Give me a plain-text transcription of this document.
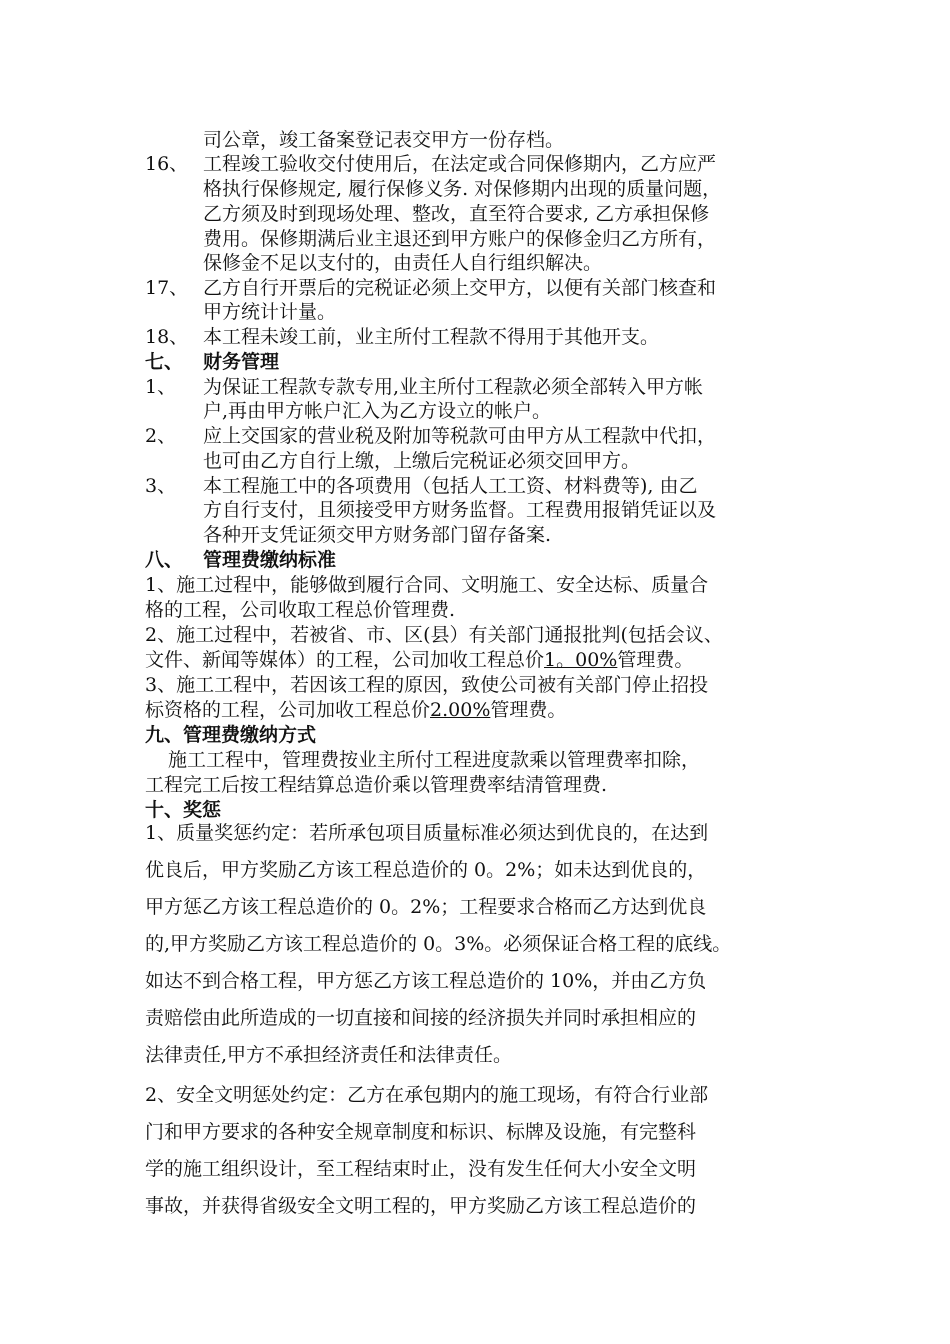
司公章，竣工备案登记表交甲方一份存档。
16、 工程竣工验收交付使用后，在法定或合同保修期内，乙方应严
格执行保修规定, 履行保修义务. 对保修期内出现的质量问题，
乙方须及时到现场处理、整改，直至符合要求, 乙方承担保修
费用。保修期满后业主退还到甲方账户的保修金归乙方所有，
保修金不足以支付的，由责任人自行组织解决。
17、 乙方自行开票后的完税证必须上交甲方，以便有关部门核查和
甲方统计计量。
18、 本工程未竣工前，业主所付工程款不得用于其他开支。
七、 财务管理
1、 为保证工程款专款专用,业主所付工程款必须全部转入甲方帐
户,再由甲方帐户汇入为乙方设立的帐户。
2、 应上交国家的营业税及附加等税款可由甲方从工程款中代扣，
也可由乙方自行上缴，上缴后完税证必须交回甲方。
3、 本工程施工中的各项费用（包括人工工资、材料费等), 由乙
方自行支付，且须接受甲方财务监督。工程费用报销凭证以及
各种开支凭证须交甲方财务部门留存备案.
八、 管理费缴纳标准
1、施工过程中，能够做到履行合同、文明施工、安全达标、质量合
格的工程，公司收取工程总价管理费.
2、施工过程中，若被省、市、区(县）有关部门通报批判(包括会议、
文件、新闻等媒体）的工程，公司加收工程总价1。00%管理费。
3、施工工程中，若因该工程的原因，致使公司被有关部门停止招投
标资格的工程，公司加收工程总价2.00%管理费。
九、管理费缴纳方式
施工工程中，管理费按业主所付工程进度款乘以管理费率扣除，
工程完工后按工程结算总造价乘以管理费率结清管理费.
十、奖惩
1、质量奖惩约定：若所承包项目质量标准必须达到优良的，在达到
优良后，甲方奖励乙方该工程总造价的 0。2%；如未达到优良的，
甲方惩乙方该工程总造价的 0。2%；工程要求合格而乙方达到优良
的,甲方奖励乙方该工程总造价的 0。3%。必须保证合格工程的底线。
如达不到合格工程，甲方惩乙方该工程总造价的 10%，并由乙方负
责赔偿由此所造成的一切直接和间接的经济损失并同时承担相应的
法律责任,甲方不承担经济责任和法律责任。
2、安全文明惩处约定：乙方在承包期内的施工现场，有符合行业部
门和甲方要求的各种安全规章制度和标识、标牌及设施，有完整科
学的施工组织设计，至工程结束时止，没有发生任何大小安全文明
事故，并获得省级安全文明工程的，甲方奖励乙方该工程总造价的
